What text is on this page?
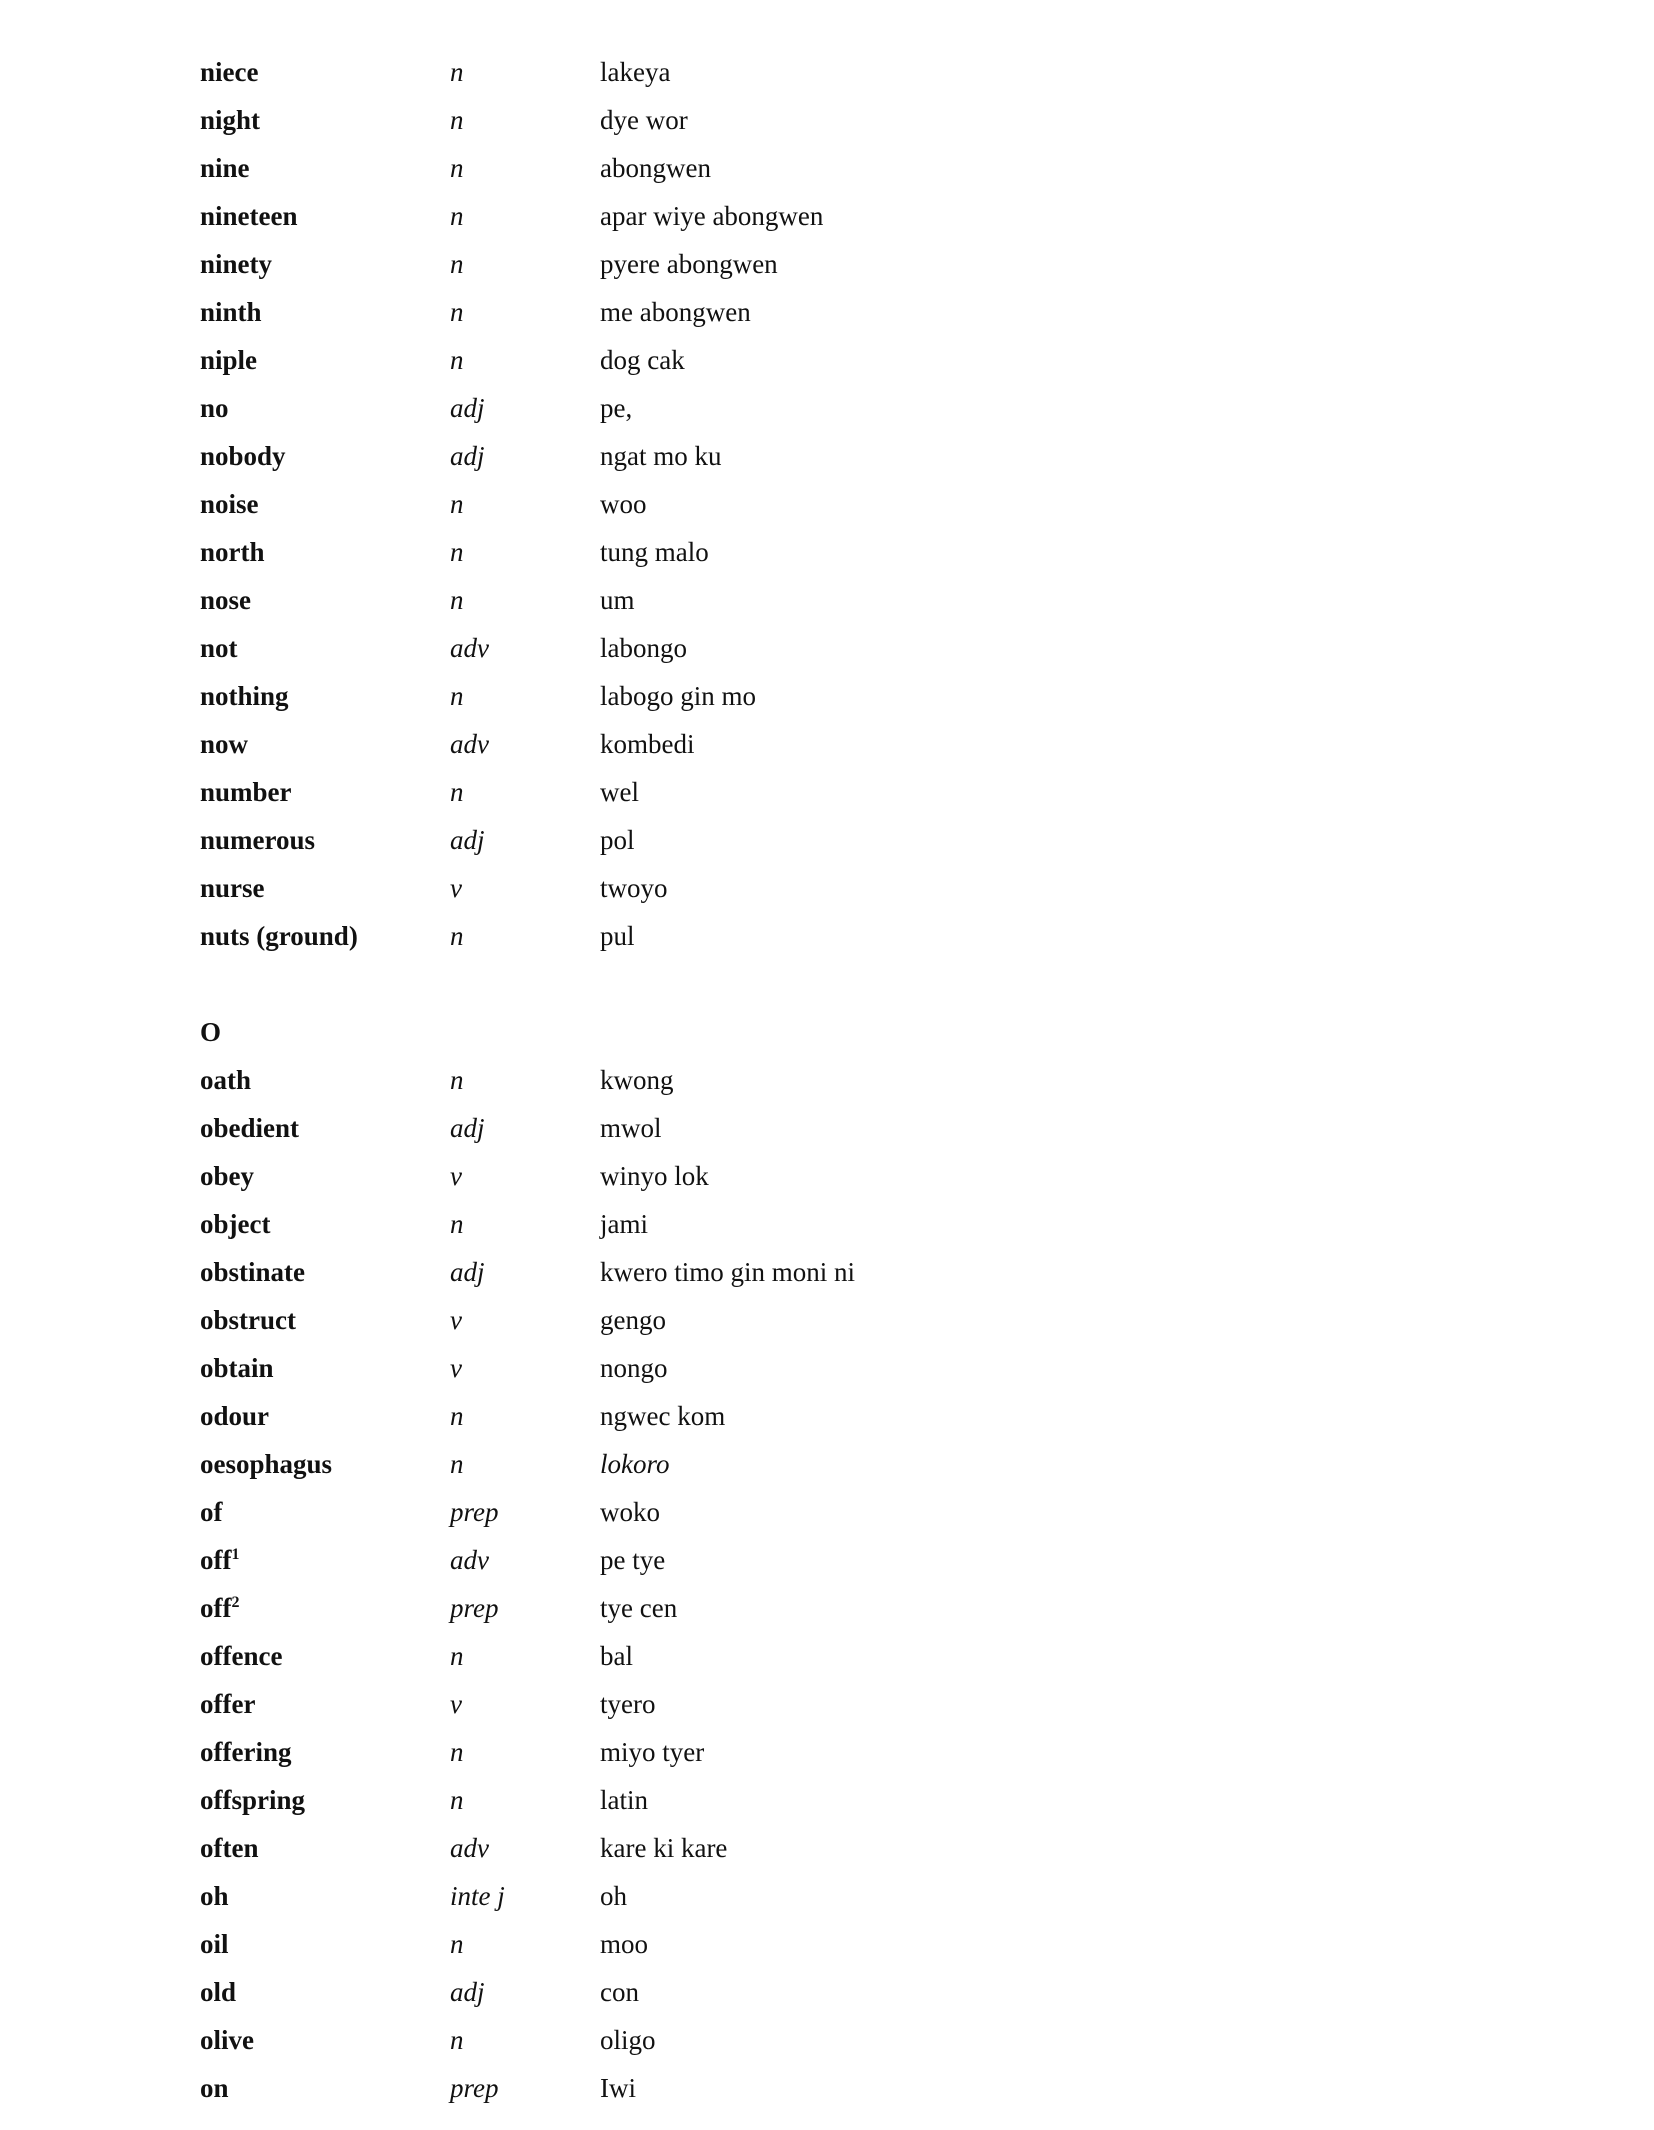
niece	n	lakeya
night	n	dye wor
nine	n	abongwen
nineteen	n	apar wiye abongwen
ninety	n	pyere abongwen
ninth	n	me abongwen
niple	n	dog cak
no	adj	pe,
nobody	adj	ngat mo ku
noise	n	woo
north	n	tung malo
nose	n	um
not	adv	labongo
nothing	n	labogo gin mo
now	adv	kombedi
number	n	wel
numerous	adj	pol
nurse	v	twoyo
nuts (ground)	n	pul
O
oath	n	kwong
obedient	adj	mwol
obey	v	winyo lok
object	n	jami
obstinate	adj	kwero timo gin moni ni
obstruct	v	gengo
obtain	v	nongo
odour	n	ngwec kom
oesophagus	n	lokoro
of	prep	woko
off$^1$	adv	pe tye
off$^2$	prep	tye cen
offence	n	bal
offer	v	tyero
offering	n	miyo tyer
offspring	n	latin
often	adv	kare ki kare
oh	inte j	oh
oil	n	moo
old	adj	con
olive	n	oligo
on	prep	Iwi
